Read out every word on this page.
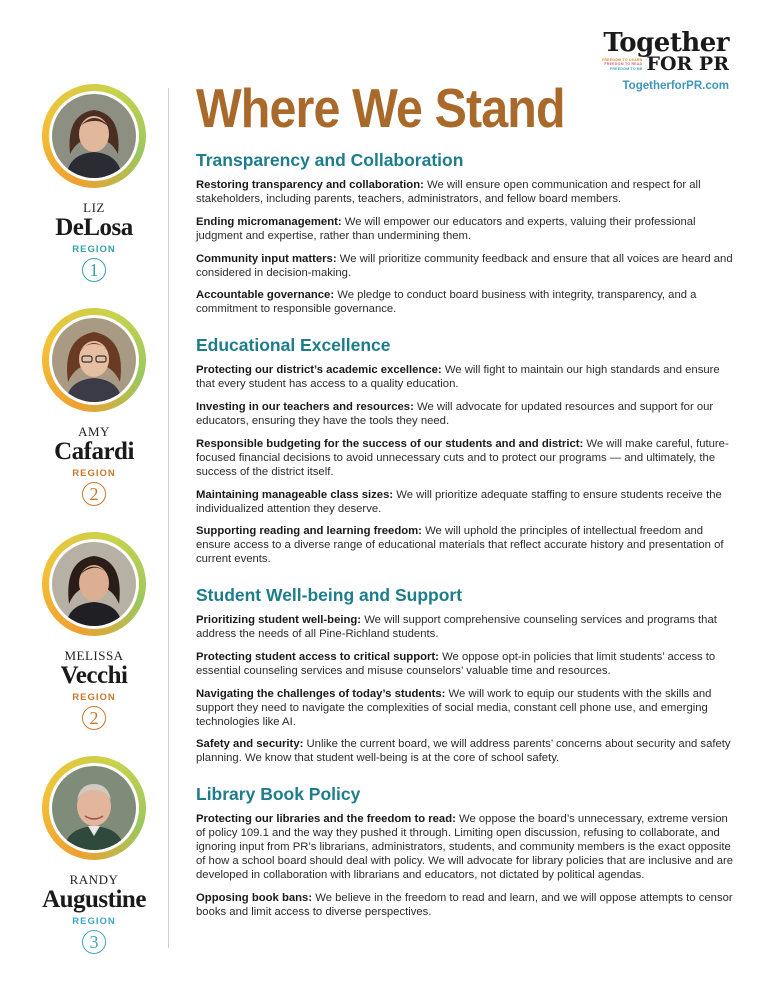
Together
FREEDOM TO LEARN
FREEDOM TO READ
FREEDOM TO BE FOR PR
TogetherforPR.com
LIZ
DeLosa
REGION
1
AMY
Cafardi
REGION
2
MELISSA
Vecchi
REGION
2
RANDY
Augustine
REGION
3
Where We Stand
Transparency and Collaboration
Restoring transparency and collaboration: We will ensure open communication and respect for all stakeholders, including parents, teachers, administrators, and fellow board members.
Ending micromanagement: We will empower our educators and experts, valuing their professional judgment and expertise, rather than undermining them.
Community input matters: We will prioritize community feedback and ensure that all voices are heard and considered in decision-making.
Accountable governance: We pledge to conduct board business with integrity, transparency, and a commitment to responsible governance.
Educational Excellence
Protecting our district’s academic excellence: We will fight to maintain our high standards and ensure that every student has access to a quality education.
Investing in our teachers and resources: We will advocate for updated resources and support for our educators, ensuring they have the tools they need.
Responsible budgeting for the success of our students and and district: We will make careful, future-focused financial decisions to avoid unnecessary cuts and to protect our programs — and ultimately, the success of the district itself.
Maintaining manageable class sizes: We will prioritize adequate staffing to ensure students receive the individualized attention they deserve.
Supporting reading and learning freedom: We will uphold the principles of intellectual freedom and ensure access to a diverse range of educational materials that reflect accurate history and presentation of current events.
Student Well-being and Support
Prioritizing student well-being: We will support comprehensive counseling services and programs that address the needs of all Pine-Richland students.
Protecting student access to critical support: We oppose opt-in policies that limit students’ access to essential counseling services and misuse counselors’ valuable time and resources.
Navigating the challenges of today’s students: We will work to equip our students with the skills and support they need to navigate the complexities of social media, constant cell phone use, and emerging technologies like AI.
Safety and security: Unlike the current board, we will address parents’ concerns about security and safety planning. We know that student well-being is at the core of school safety.
Library Book Policy
Protecting our libraries and the freedom to read: We oppose the board’s unnecessary, extreme version of policy 109.1 and the way they pushed it through. Limiting open discussion, refusing to collaborate, and ignoring input from PR’s librarians, administrators, students, and community members is the exact opposite of how a school board should deal with policy. We will advocate for library policies that are inclusive and are developed in collaboration with librarians and educators, not dictated by political agendas.
Opposing book bans: We believe in the freedom to read and learn, and we will oppose attempts to censor books and limit access to diverse perspectives.
